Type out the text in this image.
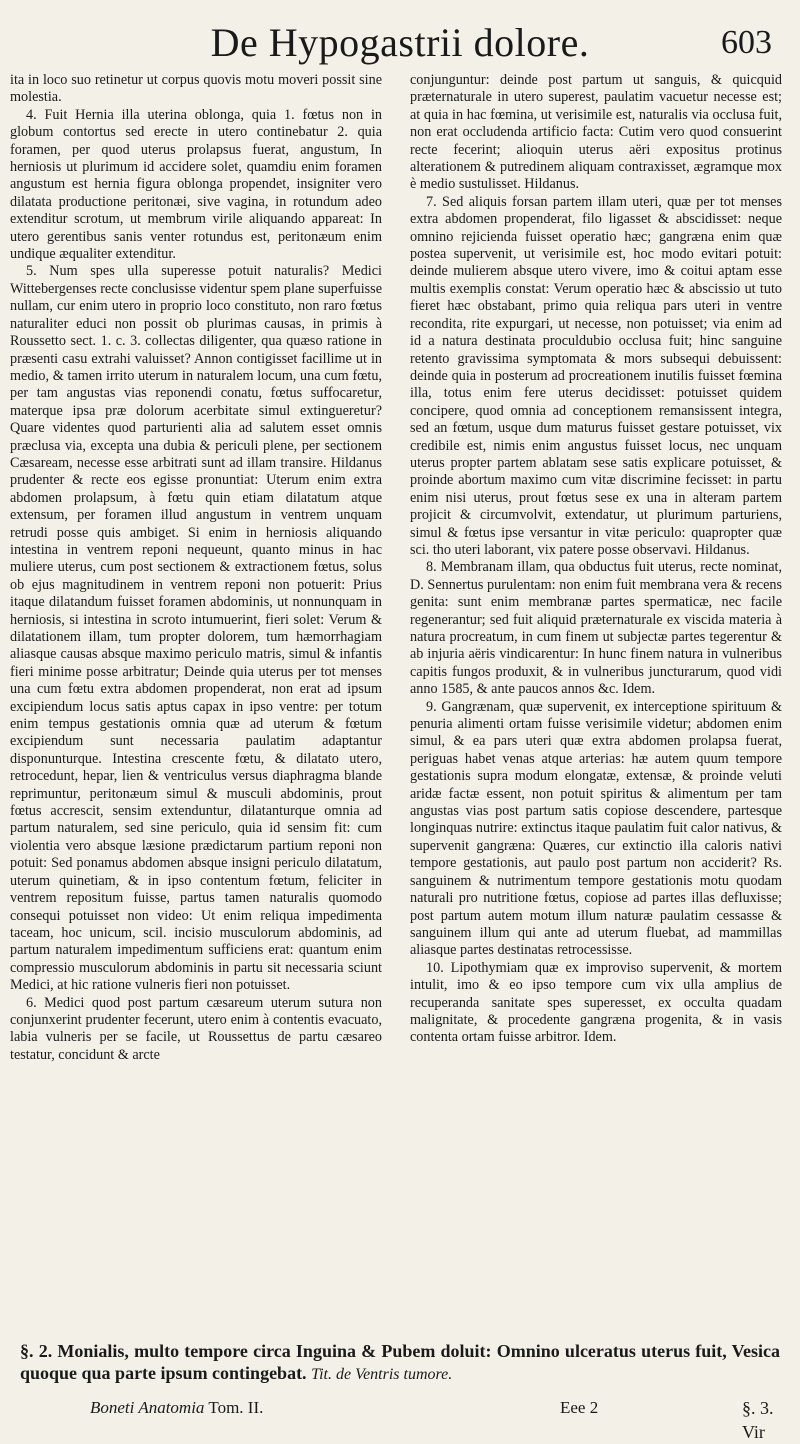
De Hypogastrii dolore.	603

ita in loco suo retinetur ut corpus quovis motu moveri possit sine molestia.

4. Fuit Hernia illa uterina oblonga, quia 1. fœtus non in globum contortus sed erecte in utero continebatur 2. quia foramen, per quod uterus prolapsus fuerat, angustum, In herniosis ut plurimum id accidere solet, quamdiu enim foramen angustum est hernia figura oblonga propendet, insigniter vero dilatata productione peritonæi, sive vagina, in rotundum adeo extenditur scrotum, ut membrum virile aliquando appareat: In utero gerentibus sanis venter rotundus est, peritonæum enim undique æqualiter extenditur.

5. Num spes ulla superesse potuit naturalis? Medici Wittebergenses recte conclusisse videntur spem plane superfuisse nullam, cur enim utero in proprio loco constituto, non raro fœtus naturaliter educi non possit ob plurimas causas, in primis à Roussetto sect. 1. c. 3. collectas diligenter, qua quæso ratione in præsenti casu extrahi valuisset? Annon contigisset facillime ut in medio, & tamen irrito uterum in naturalem locum, una cum fœtu, per tam angustas vias reponendi conatu, fœtus suffocaretur, materque ipsa præ dolorum acerbitate simul extingueretur? Quare videntes quod parturienti alia ad salutem esset omnis præclusa via, excepta una dubia & periculi plene, per sectionem Cæsaream, necesse esse arbitrati sunt ad illam transire. Hildanus prudenter & recte eos egisse pronuntiat: Uterum enim extra abdomen prolapsum, à fœtu quin etiam dilatatum atque extensum, per foramen illud angustum in ventrem unquam retrudi posse quis ambiget. Si enim in herniosis aliquando intestina in ventrem reponi nequeunt, quanto minus in hac muliere uterus, cum post sectionem & extractionem fœtus, solus ob ejus magnitudinem in ventrem reponi non potuerit: Prius itaque dilatandum fuisset foramen abdominis, ut nonnunquam in herniosis, si intestina in scroto intumuerint, fieri solet: Verum & dilatationem illam, tum propter dolorem, tum hæmorrhagiam aliasque causas absque maximo periculo matris, simul & infantis fieri minime posse arbitratur; Deinde quia uterus per tot menses una cum fœtu extra abdomen propenderat, non erat ad ipsum excipiendum locus satis aptus capax in ipso ventre: per totum enim tempus gestationis omnia quæ ad uterum & fœtum excipiendum sunt necessaria paulatim adaptantur disponunturque. Intestina crescente fœtu, & dilatato utero, retrocedunt, hepar, lien & ventriculus versus diaphragma blande reprimuntur, peritonæum simul & musculi abdominis, prout fœtus accrescit, sensim extenduntur, dilatanturque omnia ad partum naturalem, sed sine periculo, quia id sensim fit: cum violentia vero absque læsione prædictarum partium reponi non potuit: Sed ponamus abdomen absque insigni periculo dilatatum, uterum quinetiam, & in ipso contentum fœtum, feliciter in ventrem repositum fuisse, partus tamen naturalis quomodo consequi potuisset non video: Ut enim reliqua impedimenta taceam, hoc unicum, scil. incisio musculorum abdominis, ad partum naturalem impedimentum sufficiens erat: quantum enim compressio musculorum abdominis in partu sit necessaria sciunt Medici, at hic ratione vulneris fieri non potuisset.

6. Medici quod post partum cæsareum uterum sutura non conjunxerint prudenter fecerunt, utero enim à contentis evacuato, labia vulneris per se facile, ut Roussettus de partu cæsareo testatur, concidunt & arcte

conjunguntur: deinde post partum ut sanguis, & quicquid præternaturale in utero superest, paulatim vacuetur necesse est; at quia in hac fœmina, ut verisimile est, naturalis via occlusa fuit, non erat occludenda artificio facta: Cutim vero quod consuerint recte fecerint; alioquin uterus aëri expositus protinus alterationem & putredinem aliquam contraxisset, ægramque mox è medio sustulisset. Hildanus.

7. Sed aliquis forsan partem illam uteri, quæ per tot menses extra abdomen propenderat, filo ligasset & abscidisset: neque omnino rejicienda fuisset operatio hæc; gangræna enim quæ postea supervenit, ut verisimile est, hoc modo evitari potuit: deinde mulierem absque utero vivere, imo & coitui aptam esse multis exemplis constat: Verum operatio hæc & abscissio ut tuto fieret hæc obstabant, primo quia reliqua pars uteri in ventre recondita, rite expurgari, ut necesse, non potuisset; via enim ad id a natura destinata proculdubio occlusa fuit; hinc sanguine retento gravissima symptomata & mors subsequi debuissent: deinde quia in posterum ad procreationem inutilis fuisset fœmina illa, totus enim fere uterus decidisset: potuisset quidem concipere, quod omnia ad conceptionem remansissent integra, sed an fœtum, usque dum maturus fuisset gestare potuisset, vix credibile est, nimis enim angustus fuisset locus, nec unquam uterus propter partem ablatam sese satis explicare potuisset, & proinde abortum maximo cum vitæ discrimine fecisset: in partu enim nisi uterus, prout fœtus sese ex una in alteram partem projicit & circumvolvit, extendatur, ut plurimum parturiens, simul & fœtus ipse versantur in vitæ periculo: quapropter quæ sci. tho uteri laborant, vix patere posse observavi. Hildanus.

8. Membranam illam, qua obductus fuit uterus, recte nominat, D. Sennertus purulentam: non enim fuit membrana vera & recens genita: sunt enim membranæ partes spermaticæ, nec facile regenerantur; sed fuit aliquid præternaturale ex viscida materia à natura procreatum, in cum finem ut subjectæ partes tegerentur & ab injuria aëris vindicarentur: In hunc finem natura in vulneribus capitis fungos produxit, & in vulneribus juncturarum, quod vidi anno 1585, & ante paucos annos &c. Idem.

9. Gangrænam, quæ supervenit, ex interceptione spirituum & penuria alimenti ortam fuisse verisimile videtur; abdomen enim simul, & ea pars uteri quæ extra abdomen prolapsa fuerat, periguas habet venas atque arterias: hæ autem quum tempore gestationis supra modum elongatæ, extensæ, & proinde veluti aridæ factæ essent, non potuit spiritus & alimentum per tam angustas vias post partum satis copiose descendere, partesque longinquas nutrire: extinctus itaque paulatim fuit calor nativus, & supervenit gangræna: Quæres, cur extinctio illa caloris nativi tempore gestationis, aut paulo post partum non acciderit? Rs. sanguinem & nutrimentum tempore gestationis motu quodam naturali pro nutritione fœtus, copiose ad partes illas defluxisse; post partum autem motum illum naturæ paulatim cessasse & sanguinem illum qui ante ad uterum fluebat, ad mammillas aliasque partes destinatas retrocessisse.

10. Lipothymiam quæ ex improviso supervenit, & mortem intulit, imo & eo ipso tempore cum vix ulla amplius de recuperanda sanitate spes superesset, ex occulta quadam malignitate, & procedente gangræna progenita, & in vasis contenta ortam fuisse arbitror. Idem.

§. 2. Monialis, multo tempore circa Inguina & Pubem doluit: Omnino ulceratus uterus fuit, Vesica quoque qua parte ipsum contingebat. Tit. de Ventris tumore.
Boneti Anatomia Tom. II.	Eee 2	§. 3. Vir
